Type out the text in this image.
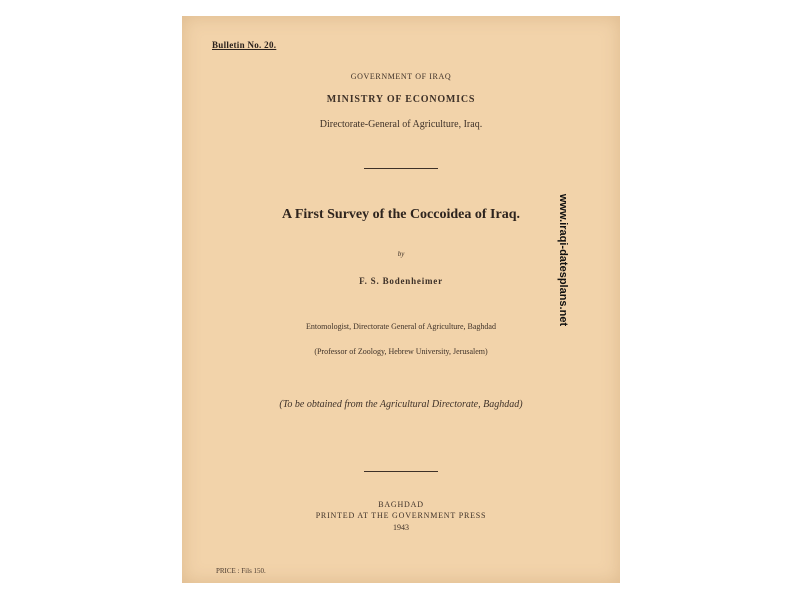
Bulletin No. 20.
GOVERNMENT OF IRAQ
MINISTRY OF ECONOMICS
Directorate-General of Agriculture, Iraq.
A First Survey of the Coccoidea of Iraq.
by
F. S. Bodenheimer
Entomologist, Directorate General of Agriculture, Baghdad
(Professor of Zoology, Hebrew University, Jerusalem)
(To be obtained from the Agricultural Directorate, Baghdad)
BAGHDAD
PRINTED AT THE GOVERNMENT PRESS
1943
PRICE : Fils 150.
www.iraqi-datesplans.net
